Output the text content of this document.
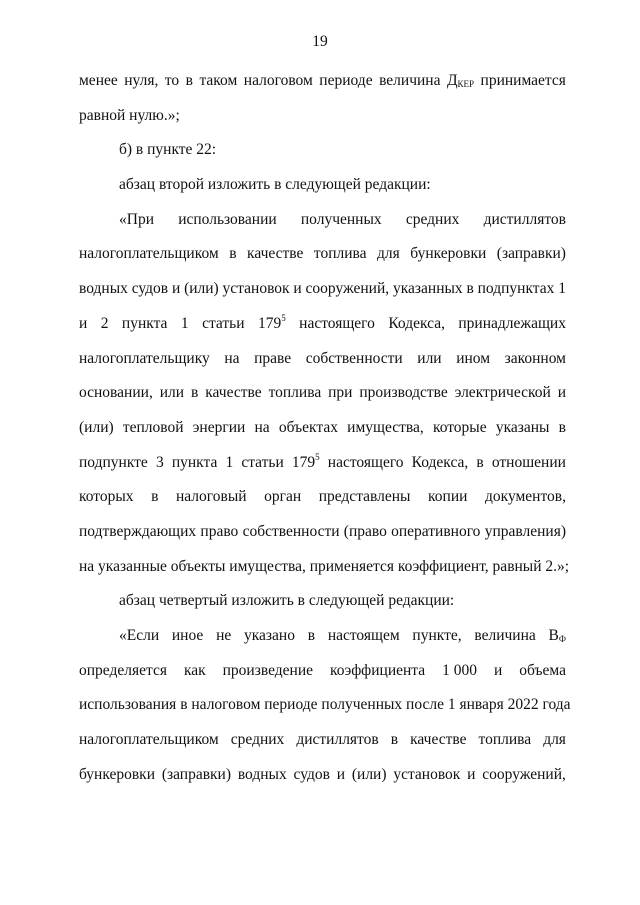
19
менее нуля, то в таком налоговом периоде величина $Д_{КЕР}$ принимается
равной нулю.»;
б) в пункте 22:
абзац второй изложить в следующей редакции:
«При использовании полученных средних дистиллятов
налогоплательщиком в качестве топлива для бункеровки (заправки)
водных судов и (или) установок и сооружений, указанных в подпунктах 1
и 2 пункта 1 статьи $179^5$ настоящего Кодекса, принадлежащих
налогоплательщику на праве собственности или ином законном
основании, или в качестве топлива при производстве электрической и
(или) тепловой энергии на объектах имущества, которые указаны в
подпункте 3 пункта 1 статьи $179^5$ настоящего Кодекса, в отношении
которых в налоговый орган представлены копии документов,
подтверждающих право собственности (право оперативного управления)
на указанные объекты имущества, применяется коэффициент, равный 2.»;
абзац четвертый изложить в следующей редакции:
«Если иное не указано в настоящем пункте, величина $В_Ф$
определяется как произведение коэффициента 1 000 и объема
использования в налоговом периоде полученных после 1 января 2022 года
налогоплательщиком средних дистиллятов в качестве топлива для
бункеровки (заправки) водных судов и (или) установок и сооружений,
